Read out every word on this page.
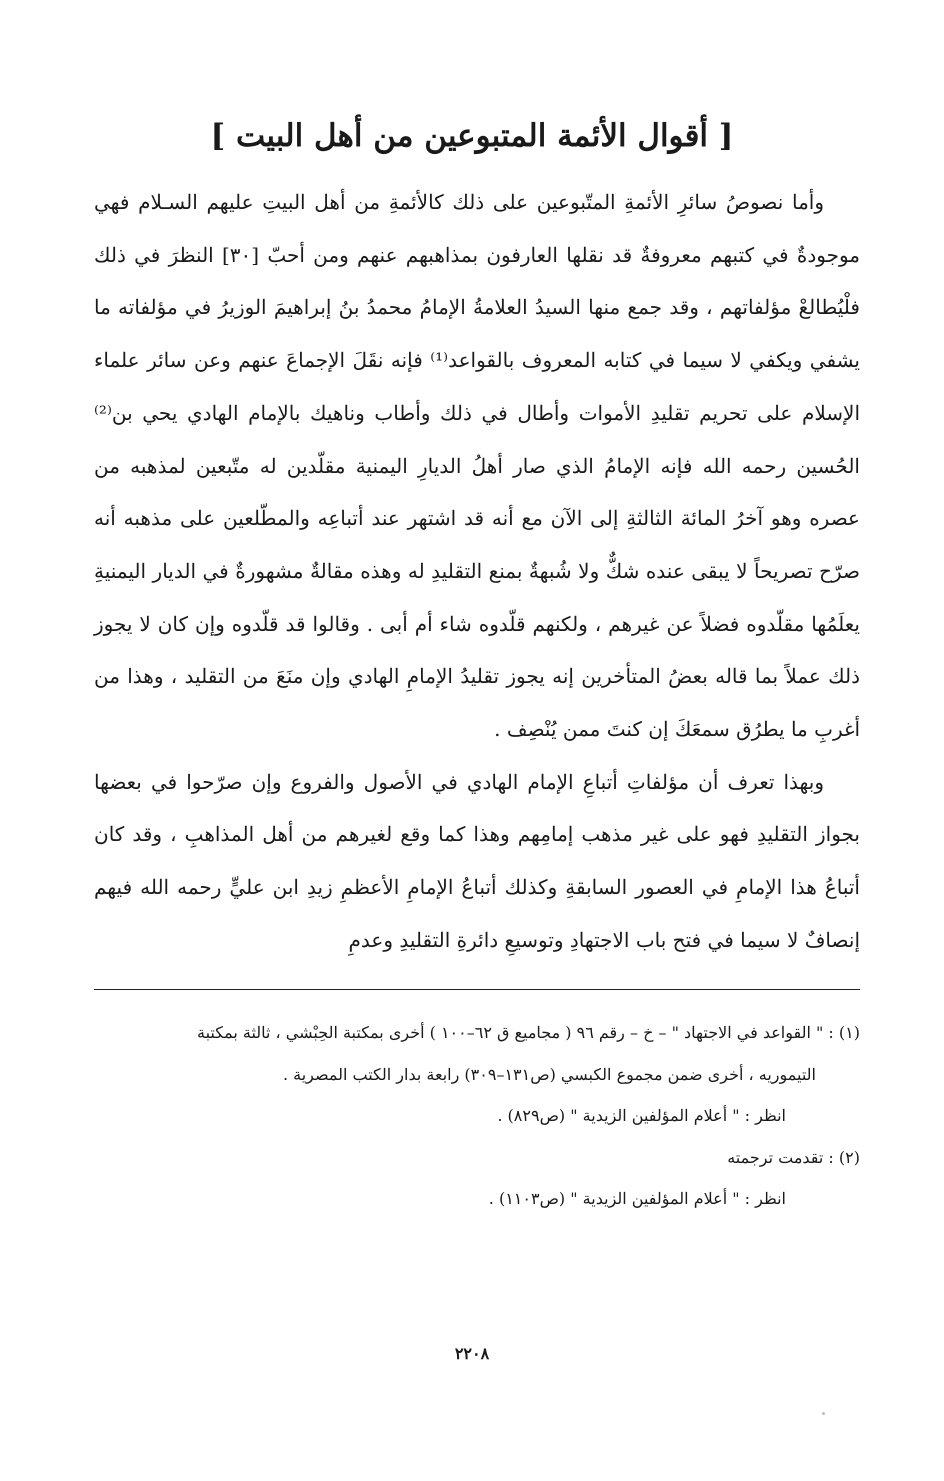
[ أقوال الأئمة المتبوعين من أهل البيت ]

وأما نصوصُ سائرِ الأئمةِ المتّبوعين على ذلك كالأئمةِ من أهل البيتِ عليهم السـلام فهي موجودةٌ في كتبهم معروفةٌ قد نقلها العارفون بمذاهبهم عنهم ومن أحبّ [٣٠] النظرَ في ذلك فلْيُطالعْ مؤلفاتهم ، وقد جمع منها السيدُ العلامةُ الإمامُ محمدُ بنُ إبراهيمَ الوزيرُ في مؤلفاته ما يشفي ويكفي لا سيما في كتابه المعروف بالقواعد⁽¹⁾ فإنه نقَلَ الإجماعَ عنهم وعن سائر علماء الإسلام على تحريم تقليدِ الأموات وأطال في ذلك وأطاب وناهيك بالإمام الهادي يحي بن⁽²⁾ الحُسين رحمه الله فإنه الإمامُ الذي صار أهلُ الديارِ اليمنية مقلّدين له متّبعين لمذهبه من عصره وهو آخرُ المائة الثالثةِ إلى الآن مع أنه قد اشتهر عند أتباعِه والمطّلعين على مذهبه أنه صرّح تصريحاً لا يبقى عنده شكٌّ ولا شُبهةٌ بمنع التقليدِ له وهذه مقالةٌ مشهورةٌ في الديار اليمنيةِ يعلَمُها مقلّدوه فضلاً عن غيرهم ، ولكنهم قلّدوه شاء أم أبى . وقالوا قد قلّدوه وإن كان لا يجوز ذلك عملاً بما قاله بعضُ المتأخرين إنه يجوز تقليدُ الإمامِ الهادي وإن منَعَ من التقليد ، وهذا من أغربِ ما يطرُق سمعَكَ إن كنتَ ممن يُنْصِف .

وبهذا تعرف أن مؤلفاتِ أتباعِ الإمام الهادي في الأصول والفروع وإن صرّحوا في بعضها بجواز التقليدِ فهو على غير مذهب إمامِهم وهذا كما وقع لغيرهم من أهل المذاهبِ ، وقد كان أتباعُ هذا الإمامِ في العصور السابقةِ وكذلك أتباعُ الإمامِ الأعظمِ زيدِ ابن عليٍّ رحمه الله فيهم إنصافٌ لا سيما في فتح باب الاجتهادِ وتوسيعِ دائرةِ التقليدِ وعدمِ

(١) : " القواعد في الاجتهاد " – خ – رقم ٩٦ ( مجاميع ق ٦٢–١٠٠ ) أخرى بمكتبة الحِبْشي ، ثالثة بمكتبة

التيموريه ، أخرى ضمن مجموع الكبسي (ص١٣١–٣٠٩) رابعة بدار الكتب المصرية .

انظر : " أعلام المؤلفين الزيدية " (ص٨٢٩) .

(٢) : تقدمت ترجمته

انظر : " أعلام المؤلفين الزيدية " (ص١١٠٣) .

٢٢٠٨
